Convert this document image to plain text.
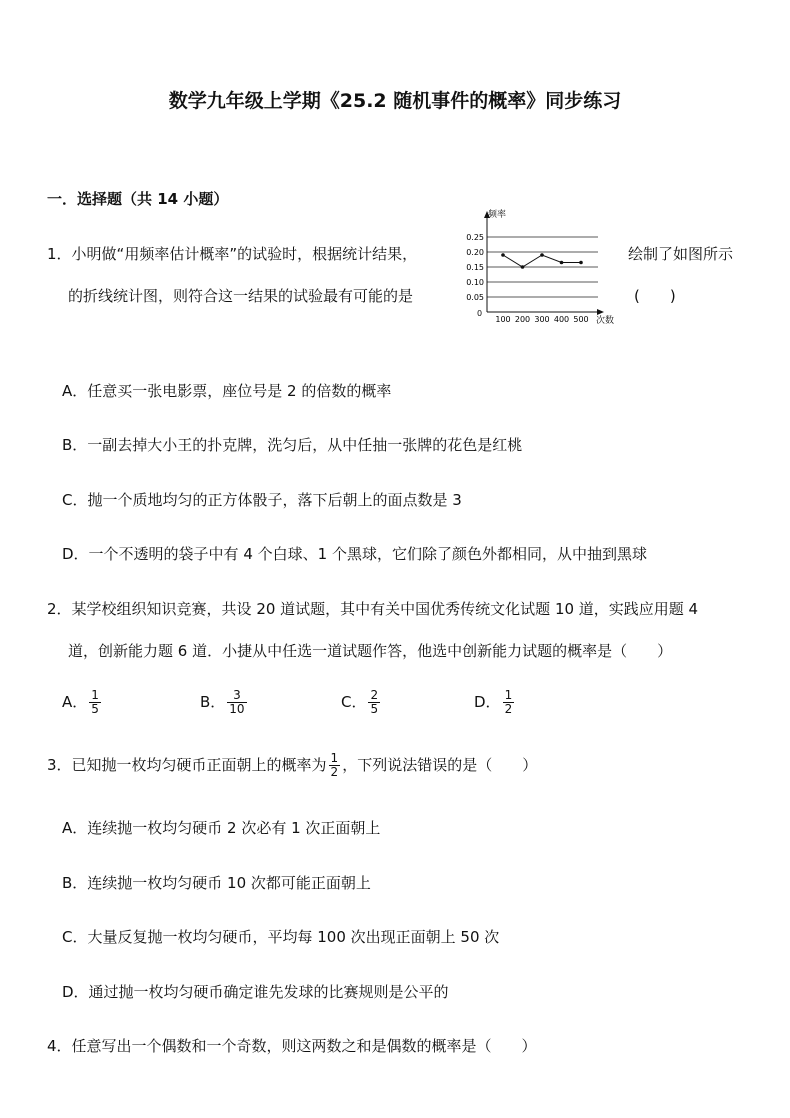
数学九年级上学期《25.2 随机事件的概率》同步练习
一．选择题（共 14 小题）
1．小明做“用频率估计概率”的试验时，根据统计结果，	绘制了如图所示
的折线统计图，则符合这一结果的试验最有可能的是	(　　)
频率
次数
0
0.25
0.20
0.15
0.10
0.05
100 200 300 400 500
A．任意买一张电影票，座位号是 2 的倍数的概率
B．一副去掉大小王的扑克牌，洗匀后，从中任抽一张牌的花色是红桃
C．抛一个质地均匀的正方体骰子，落下后朝上的面点数是 3
D．一个不透明的袋子中有 4 个白球、1 个黑球，它们除了颜色外都相同，从中抽到黑球
2．某学校组织知识竞赛，共设 20 道试题，其中有关中国优秀传统文化试题 10 道，实践应用题 4
道，创新能力题 6 道．小捷从中任选一道试题作答，他选中创新能力试题的概率是（　　）
A． $\frac{1}{5}$	B． $\frac{3}{10}$	C． $\frac{2}{5}$	D． $\frac{1}{2}$
3．已知抛一枚均匀硬币正面朝上的概率为 $\frac{1}{2}$ ，下列说法错误的是（　　）
A．连续抛一枚均匀硬币 2 次必有 1 次正面朝上
B．连续抛一枚均匀硬币 10 次都可能正面朝上
C．大量反复抛一枚均匀硬币，平均每 100 次出现正面朝上 50 次
D．通过抛一枚均匀硬币确定谁先发球的比赛规则是公平的
4．任意写出一个偶数和一个奇数，则这两数之和是偶数的概率是（　　）
